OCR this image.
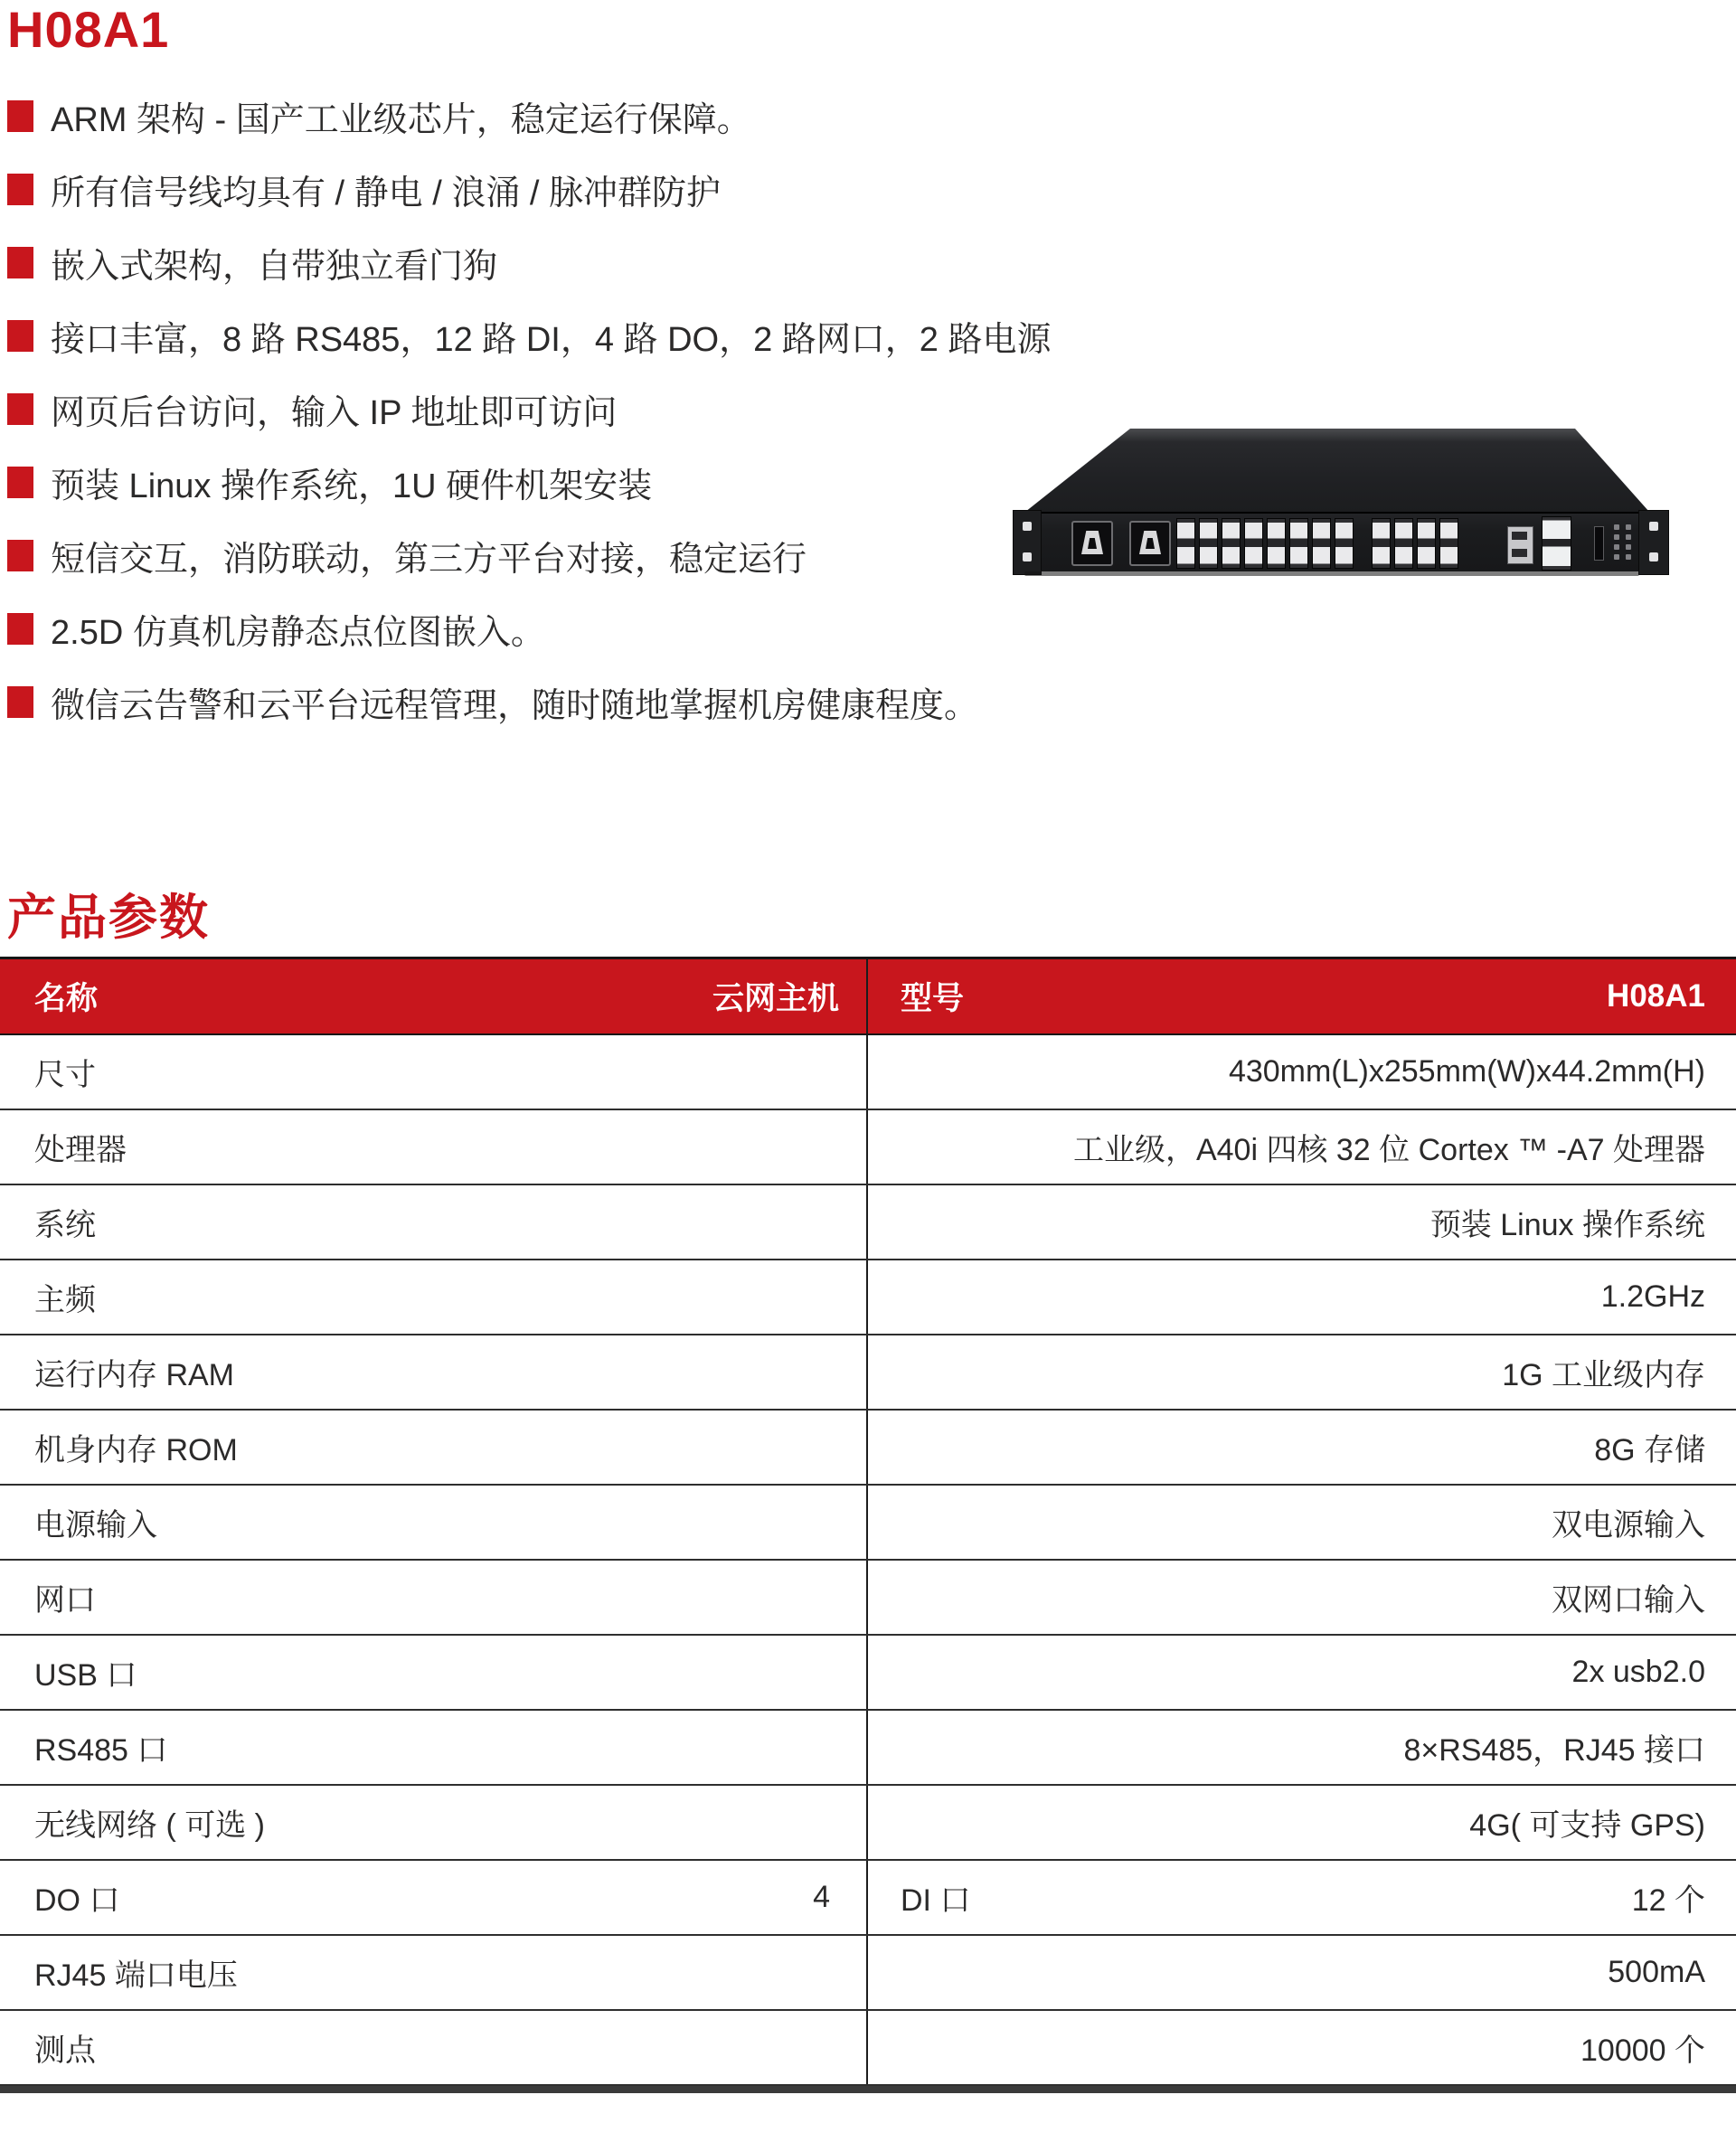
H08A1
ARM 架构 - 国产工业级芯片，稳定运行保障。
所有信号线均具有 / 静电 / 浪涌 / 脉冲群防护
嵌入式架构，自带独立看门狗
接口丰富，8 路 RS485，12 路 DI，4 路 DO，2 路网口，2 路电源
网页后台访问，输入 IP 地址即可访问
预装 Linux 操作系统，1U 硬件机架安装
短信交互，消防联动，第三方平台对接，稳定运行
2.5D 仿真机房静态点位图嵌入。
微信云告警和云平台远程管理，随时随地掌握机房健康程度。
产品参数
名称	云网主机 型号	H08A1
尺寸	430mm(L)x255mm(W)x44.2mm(H)
处理器	工业级，A40i 四核 32 位 Cortex ™ -A7 处理器
系统	预装 Linux 操作系统
主频	1.2GHz
运行内存 RAM	1G 工业级内存
机身内存 ROM	8G 存储
电源输入	双电源输入
网口	双网口输入
USB 口	2x usb2.0
RS485 口	8×RS485，RJ45 接口
无线网络 ( 可选 )	4G( 可支持 GPS)
DO 口	4 DI 口	12 个
RJ45 端口电压	500mA
测点	10000 个
